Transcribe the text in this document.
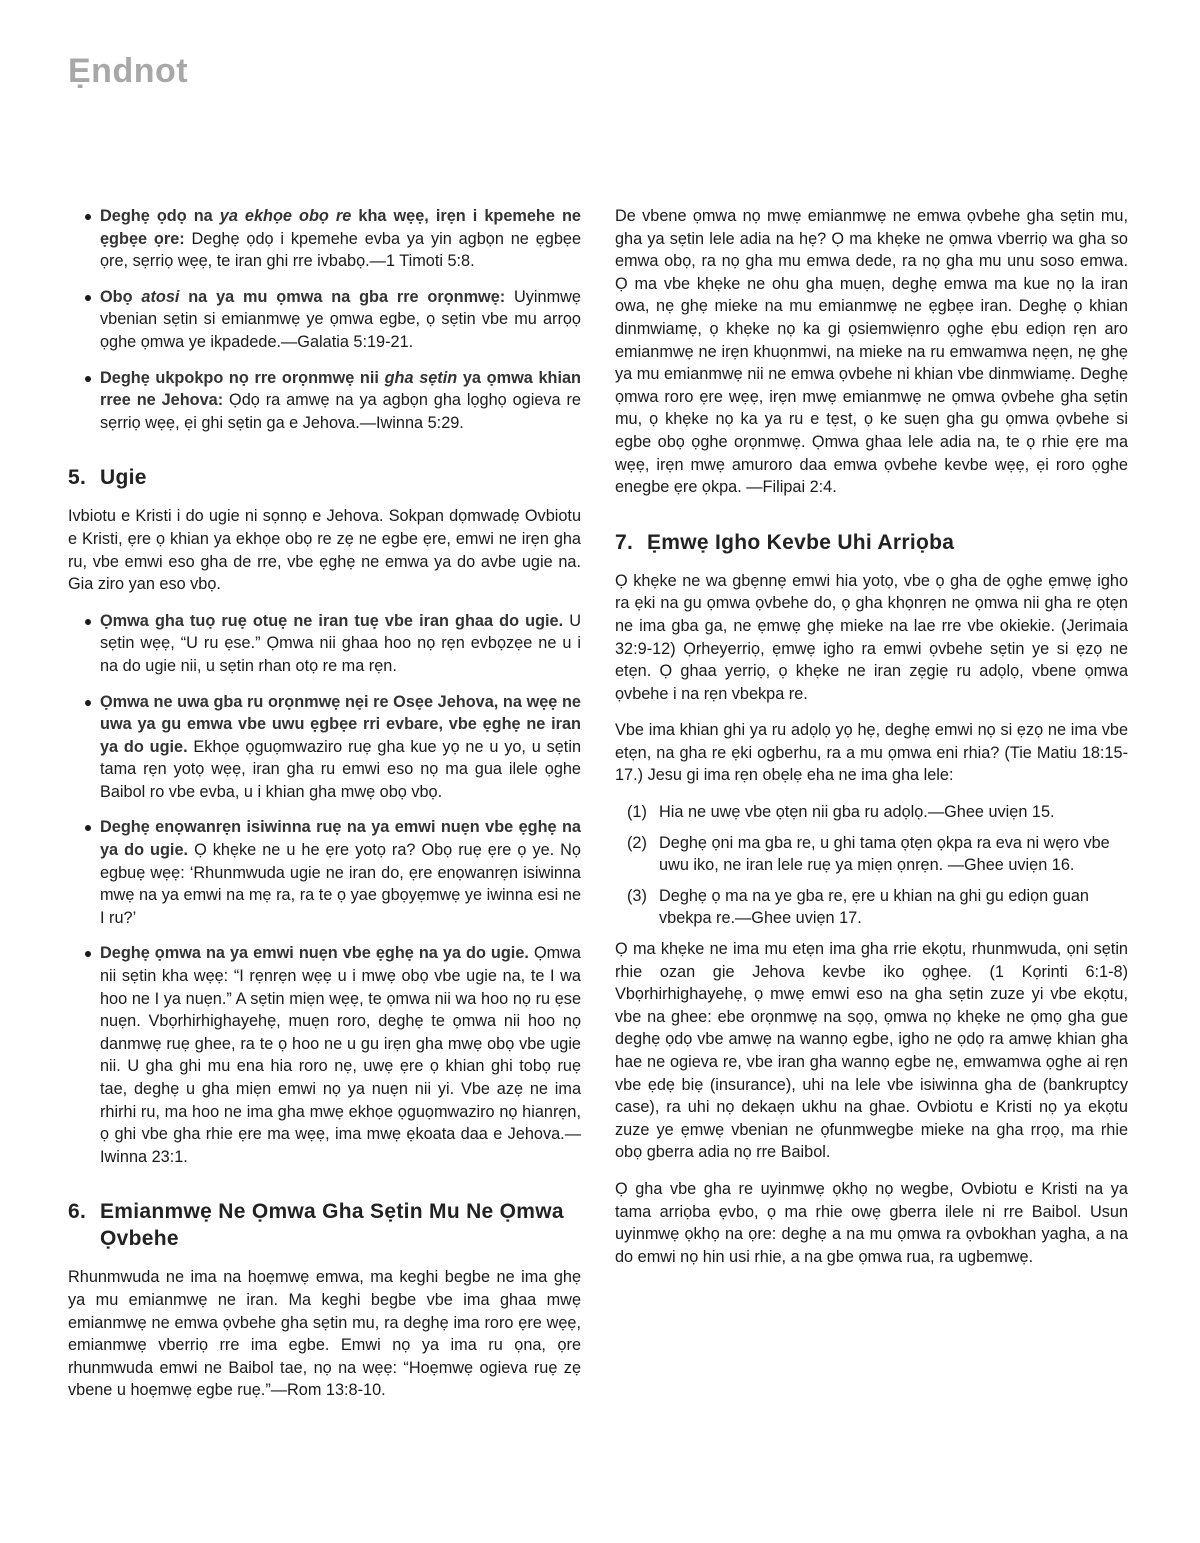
Ẹndnot
Deghẹ ọdọ na ya ekhọe obọ re kha wẹẹ, irẹn i kpemehe ne ẹgbẹe ọre: Deghẹ ọdọ i kpemehe evba ya yin agbọn ne ẹgbẹe ọre, sẹrriọ wẹẹ, te iran ghi rre ivbabọ.—1 Timoti 5:8.
Obọ atosi na ya mu ọmwa na gba rre orọnmwẹ: Uyinmwẹ vbenian sẹtin si emianmwẹ ye ọmwa egbe, ọ sẹtin vbe mu arrọọ ọghe ọmwa ye ikpadede.—Galatia 5:19-21.
Deghẹ ukpokpo nọ rre orọnmwẹ nii gha sẹtin ya ọmwa khian rree ne Jehova: Ọdọ ra amwẹ na ya agbọn gha lọghọ ogieva re sẹrriọ wẹẹ, ẹi ghi sẹtin ga e Jehova.—Iwinna 5:29.
5. Ugie

Ivbiotu e Kristi i do ugie ni sọnnọ e Jehova. Sokpan dọmwadẹ Ovbiotu e Kristi, ẹre ọ khian ya ekhọe obọ re zẹ ne egbe ẹre, emwi ne irẹn gha ru, vbe emwi eso gha de rre, vbe ẹghẹ ne emwa ya do avbe ugie na. Gia ziro yan eso vbọ.

Ọmwa gha tuọ ruẹ otuẹ ne iran tuẹ vbe iran ghaa do ugie. U sẹtin wẹẹ, “U ru ẹse.” Ọmwa nii ghaa hoo nọ rẹn evbọzẹe ne u i na do ugie nii, u sẹtin rhan otọ re ma rẹn.
Ọmwa ne uwa gba ru orọnmwẹ nẹi re Osẹe Jehova, na wẹẹ ne uwa ya gu emwa vbe uwu ẹgbẹe rri evbare, vbe ẹghẹ ne iran ya do ugie. Ekhọe ọguọmwaziro ruẹ gha kue yọ ne u yo, u sẹtin tama rẹn yotọ wẹẹ, iran gha ru emwi eso nọ ma gua ilele ọghe Baibol ro vbe evba, u i khian gha mwẹ obọ vbọ.
Deghẹ enọwanrẹn isiwinna ruẹ na ya emwi nuẹn vbe ẹghẹ na ya do ugie. Ọ khẹke ne u he ẹre yotọ ra? Obọ ruẹ ẹre ọ ye. Nọ egbuẹ wẹẹ: ‘Rhunmwuda ugie ne iran do, ẹre enọwanrẹn isiwinna mwẹ na ya emwi na mẹ ra, ra te ọ yae gbọyẹmwẹ ye iwinna esi ne I ru?’
Deghẹ ọmwa na ya emwi nuẹn vbe ẹghẹ na ya do ugie. Ọmwa nii sẹtin kha wẹẹ: “I rẹnrẹn wẹẹ u i mwẹ obọ vbe ugie na, te I wa hoo ne I ya nuẹn.” A sẹtin miẹn wẹẹ, te ọmwa nii wa hoo nọ ru ẹse nuẹn. Vbọrhirhighayehẹ, muẹn roro, deghẹ te ọmwa nii hoo nọ danmwẹ ruẹ ghee, ra te ọ hoo ne u gu irẹn gha mwẹ obọ vbe ugie nii. U gha ghi mu ena hia roro nẹ, uwẹ ẹre ọ khian ghi tobọ ruẹ tae, deghẹ u gha miẹn emwi nọ ya nuẹn nii yi. Vbe azẹ ne ima rhirhi ru, ma hoo ne ima gha mwẹ ekhọe ọguọmwaziro nọ hianrẹn, ọ ghi vbe gha rhie ẹre ma wẹẹ, ima mwẹ ẹkoata daa e Jehova.—Iwinna 23:1.
6. Emianmwẹ Ne Ọmwa Gha Sẹtin Mu Ne Ọmwa Ọvbehe

Rhunmwuda ne ima na hoẹmwẹ emwa, ma keghi begbe ne ima ghẹ ya mu emianmwẹ ne iran. Ma keghi begbe vbe ima ghaa mwẹ emianmwẹ ne emwa ọvbehe gha sẹtin mu, ra deghẹ ima roro ẹre wẹẹ, emianmwẹ vberriọ rre ima egbe. Emwi nọ ya ima ru ọna, ọre rhunmwuda emwi ne Baibol tae, nọ na wẹẹ: “Hoẹmwẹ ogieva ruẹ zẹ vbene u hoẹmwẹ egbe ruẹ.”—Rom 13:8-10.

De vbene ọmwa nọ mwẹ emianmwẹ ne emwa ọvbehe gha sẹtin mu, gha ya sẹtin lele adia na hẹ? Ọ ma khẹke ne ọmwa vberriọ wa gha so emwa obọ, ra nọ gha mu emwa dede, ra nọ gha mu unu soso emwa. Ọ ma vbe khẹke ne ohu gha muẹn, deghẹ emwa ma kue nọ la iran owa, nẹ ghẹ mieke na mu emianmwẹ ne ẹgbẹe iran. Deghẹ ọ khian dinmwiamẹ, ọ khẹke nọ ka gi ọsiemwiẹnro ọghe ẹbu ediọn rẹn aro emianmwẹ ne irẹn khuọnmwi, na mieke na ru emwamwa nẹẹn, nẹ ghẹ ya mu emianmwẹ nii ne emwa ọvbehe ni khian vbe dinmwiamẹ. Deghẹ ọmwa roro ẹre wẹẹ, irẹn mwẹ emianmwẹ ne ọmwa ọvbehe gha sẹtin mu, ọ khẹke nọ ka ya ru e tẹst, ọ ke suẹn gha gu ọmwa ọvbehe si egbe obọ ọghe orọnmwẹ. Ọmwa ghaa lele adia na, te ọ rhie ẹre ma wẹẹ, irẹn mwẹ amuroro daa emwa ọvbehe kevbe wẹẹ, ẹi roro ọghe enegbe ẹre ọkpa. —Filipai 2:4.

7. Ẹmwẹ Igho Kevbe Uhi Arriọba

Ọ khẹke ne wa gbẹnnẹ emwi hia yotọ, vbe ọ gha de ọghe ẹmwẹ igho ra ẹki na gu ọmwa ọvbehe do, ọ gha khọnrẹn ne ọmwa nii gha re ọtẹn ne ima gba ga, ne ẹmwẹ ghẹ mieke na lae rre vbe okiekie. (Jerimaia 32:9-12) Ọrheyerriọ, ẹmwẹ igho ra emwi ọvbehe sẹtin ye si ẹzọ ne etẹn. Ọ ghaa yerriọ, ọ khẹke ne iran zẹgiẹ ru adọlọ, vbene ọmwa ọvbehe i na rẹn vbekpa re.

Vbe ima khian ghi ya ru adọlọ yọ hẹ, deghẹ emwi nọ si ẹzọ ne ima vbe etẹn, na gha re ẹki ogberhu, ra a mu ọmwa eni rhia? (Tie Matiu 18:15-17.) Jesu gi ima rẹn obẹlẹ eha ne ima gha lele:

(1) Hia ne uwẹ vbe ọtẹn nii gba ru adọlọ.—Ghee uviẹn 15.
(2) Deghẹ ọni ma gba re, u ghi tama ọtẹn ọkpa ra eva ni wẹro vbe uwu iko, ne iran lele ruẹ ya miẹn ọnrẹn. —Ghee uviẹn 16.
(3) Deghẹ ọ ma na ye gba re, ẹre u khian na ghi gu ediọn guan vbekpa re.—Ghee uviẹn 17.

Ọ ma khẹke ne ima mu etẹn ima gha rrie ekọtu, rhunmwuda, ọni sẹtin rhie ozan gie Jehova kevbe iko ọghẹe. (1 Kọrinti 6:1-8) Vbọrhirhighayehẹ, ọ mwẹ emwi eso na gha sẹtin zuze yi vbe ekọtu, vbe na ghee: ebe orọnmwẹ na sọọ, ọmwa nọ khẹke ne ọmọ gha gue deghẹ ọdọ vbe amwẹ na wannọ egbe, igho ne ọdọ ra amwẹ khian gha hae ne ogieva re, vbe iran gha wannọ egbe nẹ, emwamwa ọghe ai rẹn vbe ẹdẹ biẹ (insurance), uhi na lele vbe isiwinna gha de (bankruptcy case), ra uhi nọ dekaẹn ukhu na ghae. Ovbiotu e Kristi nọ ya ekọtu zuze ye ẹmwẹ vbenian ne ọfunmwegbe mieke na gha rrọọ, ma rhie obọ gberra adia nọ rre Baibol.

Ọ gha vbe gha re uyinmwẹ ọkhọ nọ wegbe, Ovbiotu e Kristi na ya tama arriọba ẹvbo, ọ ma rhie owẹ gberra ilele ni rre Baibol. Usun uyinmwẹ ọkhọ na ọre: deghẹ a na mu ọmwa ra ọvbokhan yagha, a na do emwi nọ hin usi rhie, a na gbe ọmwa rua, ra ugbemwẹ.
